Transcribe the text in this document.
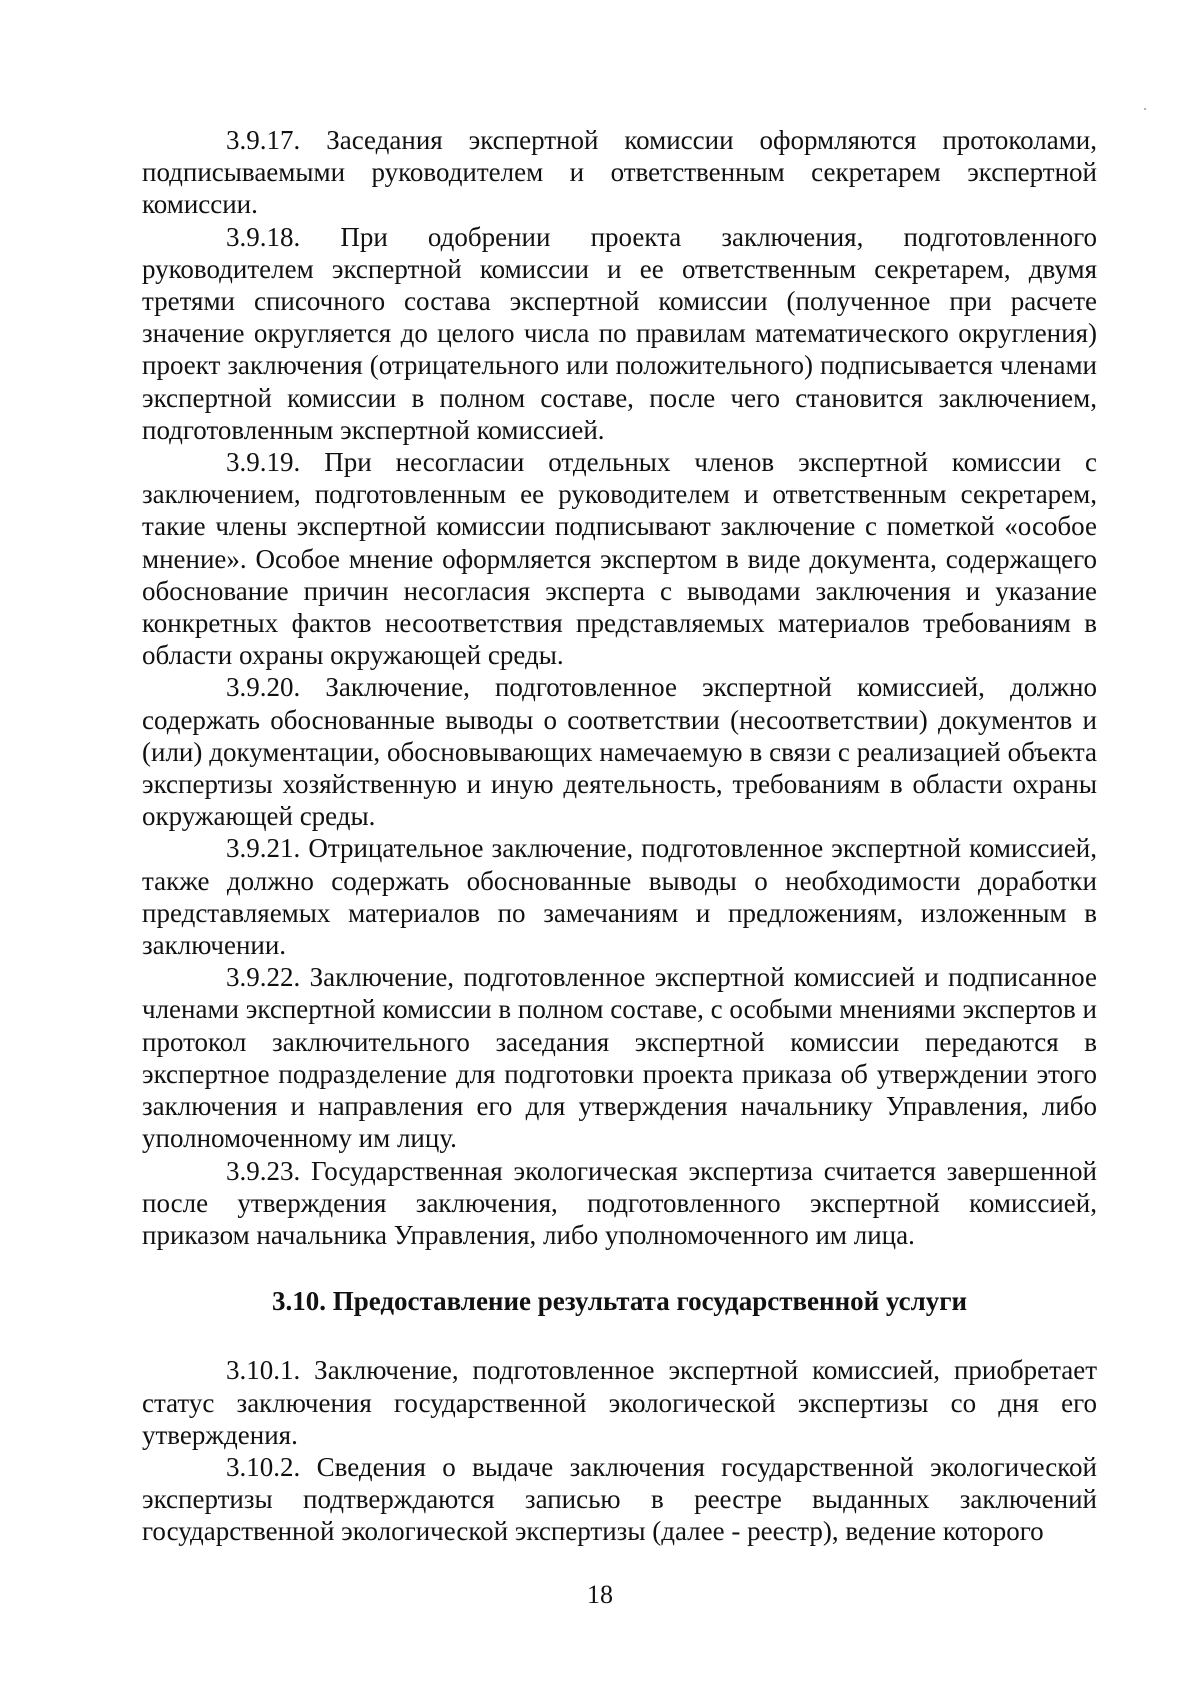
3.9.17. Заседания экспертной комиссии оформляются протоколами, подписываемыми руководителем и ответственным секретарем экспертной комиссии.

3.9.18. При одобрении проекта заключения, подготовленного руководителем экспертной комиссии и ее ответственным секретарем, двумя третями списочного состава экспертной комиссии (полученное при расчете значение округляется до целого числа по правилам математического округления) проект заключения (отрицательного или положительного) подписывается членами экспертной комиссии в полном составе, после чего становится заключением, подготовленным экспертной комиссией.

3.9.19. При несогласии отдельных членов экспертной комиссии с заключением, подготовленным ее руководителем и ответственным секретарем, такие члены экспертной комиссии подписывают заключение с пометкой «особое мнение». Особое мнение оформляется экспертом в виде документа, содержащего обоснование причин несогласия эксперта с выводами заключения и указание конкретных фактов несоответствия представляемых материалов требованиям в области охраны окружающей среды.

3.9.20. Заключение, подготовленное экспертной комиссией, должно содержать обоснованные выводы о соответствии (несоответствии) документов и (или) документации, обосновывающих намечаемую в связи с реализацией объекта экспертизы хозяйственную и иную деятельность, требованиям в области охраны окружающей среды.

3.9.21. Отрицательное заключение, подготовленное экспертной комиссией, также должно содержать обоснованные выводы о необходимости доработки представляемых материалов по замечаниям и предложениям, изложенным в заключении.

3.9.22. Заключение, подготовленное экспертной комиссией и подписанное членами экспертной комиссии в полном составе, с особыми мнениями экспертов и протокол заключительного заседания экспертной комиссии передаются в экспертное подразделение для подготовки проекта приказа об утверждении этого заключения и направления его для утверждения начальнику Управления, либо уполномоченному им лицу.

3.9.23. Государственная экологическая экспертиза считается завершенной после утверждения заключения, подготовленного экспертной комиссией, приказом начальника Управления, либо уполномоченного им лица.

3.10. Предоставление результата государственной услуги

3.10.1. Заключение, подготовленное экспертной комиссией, приобретает статус заключения государственной экологической экспертизы со дня его утверждения.

3.10.2. Сведения о выдаче заключения государственной экологической экспертизы подтверждаются записью в реестре выданных заключений государственной экологической экспертизы (далее - реестр), ведение которого

18
